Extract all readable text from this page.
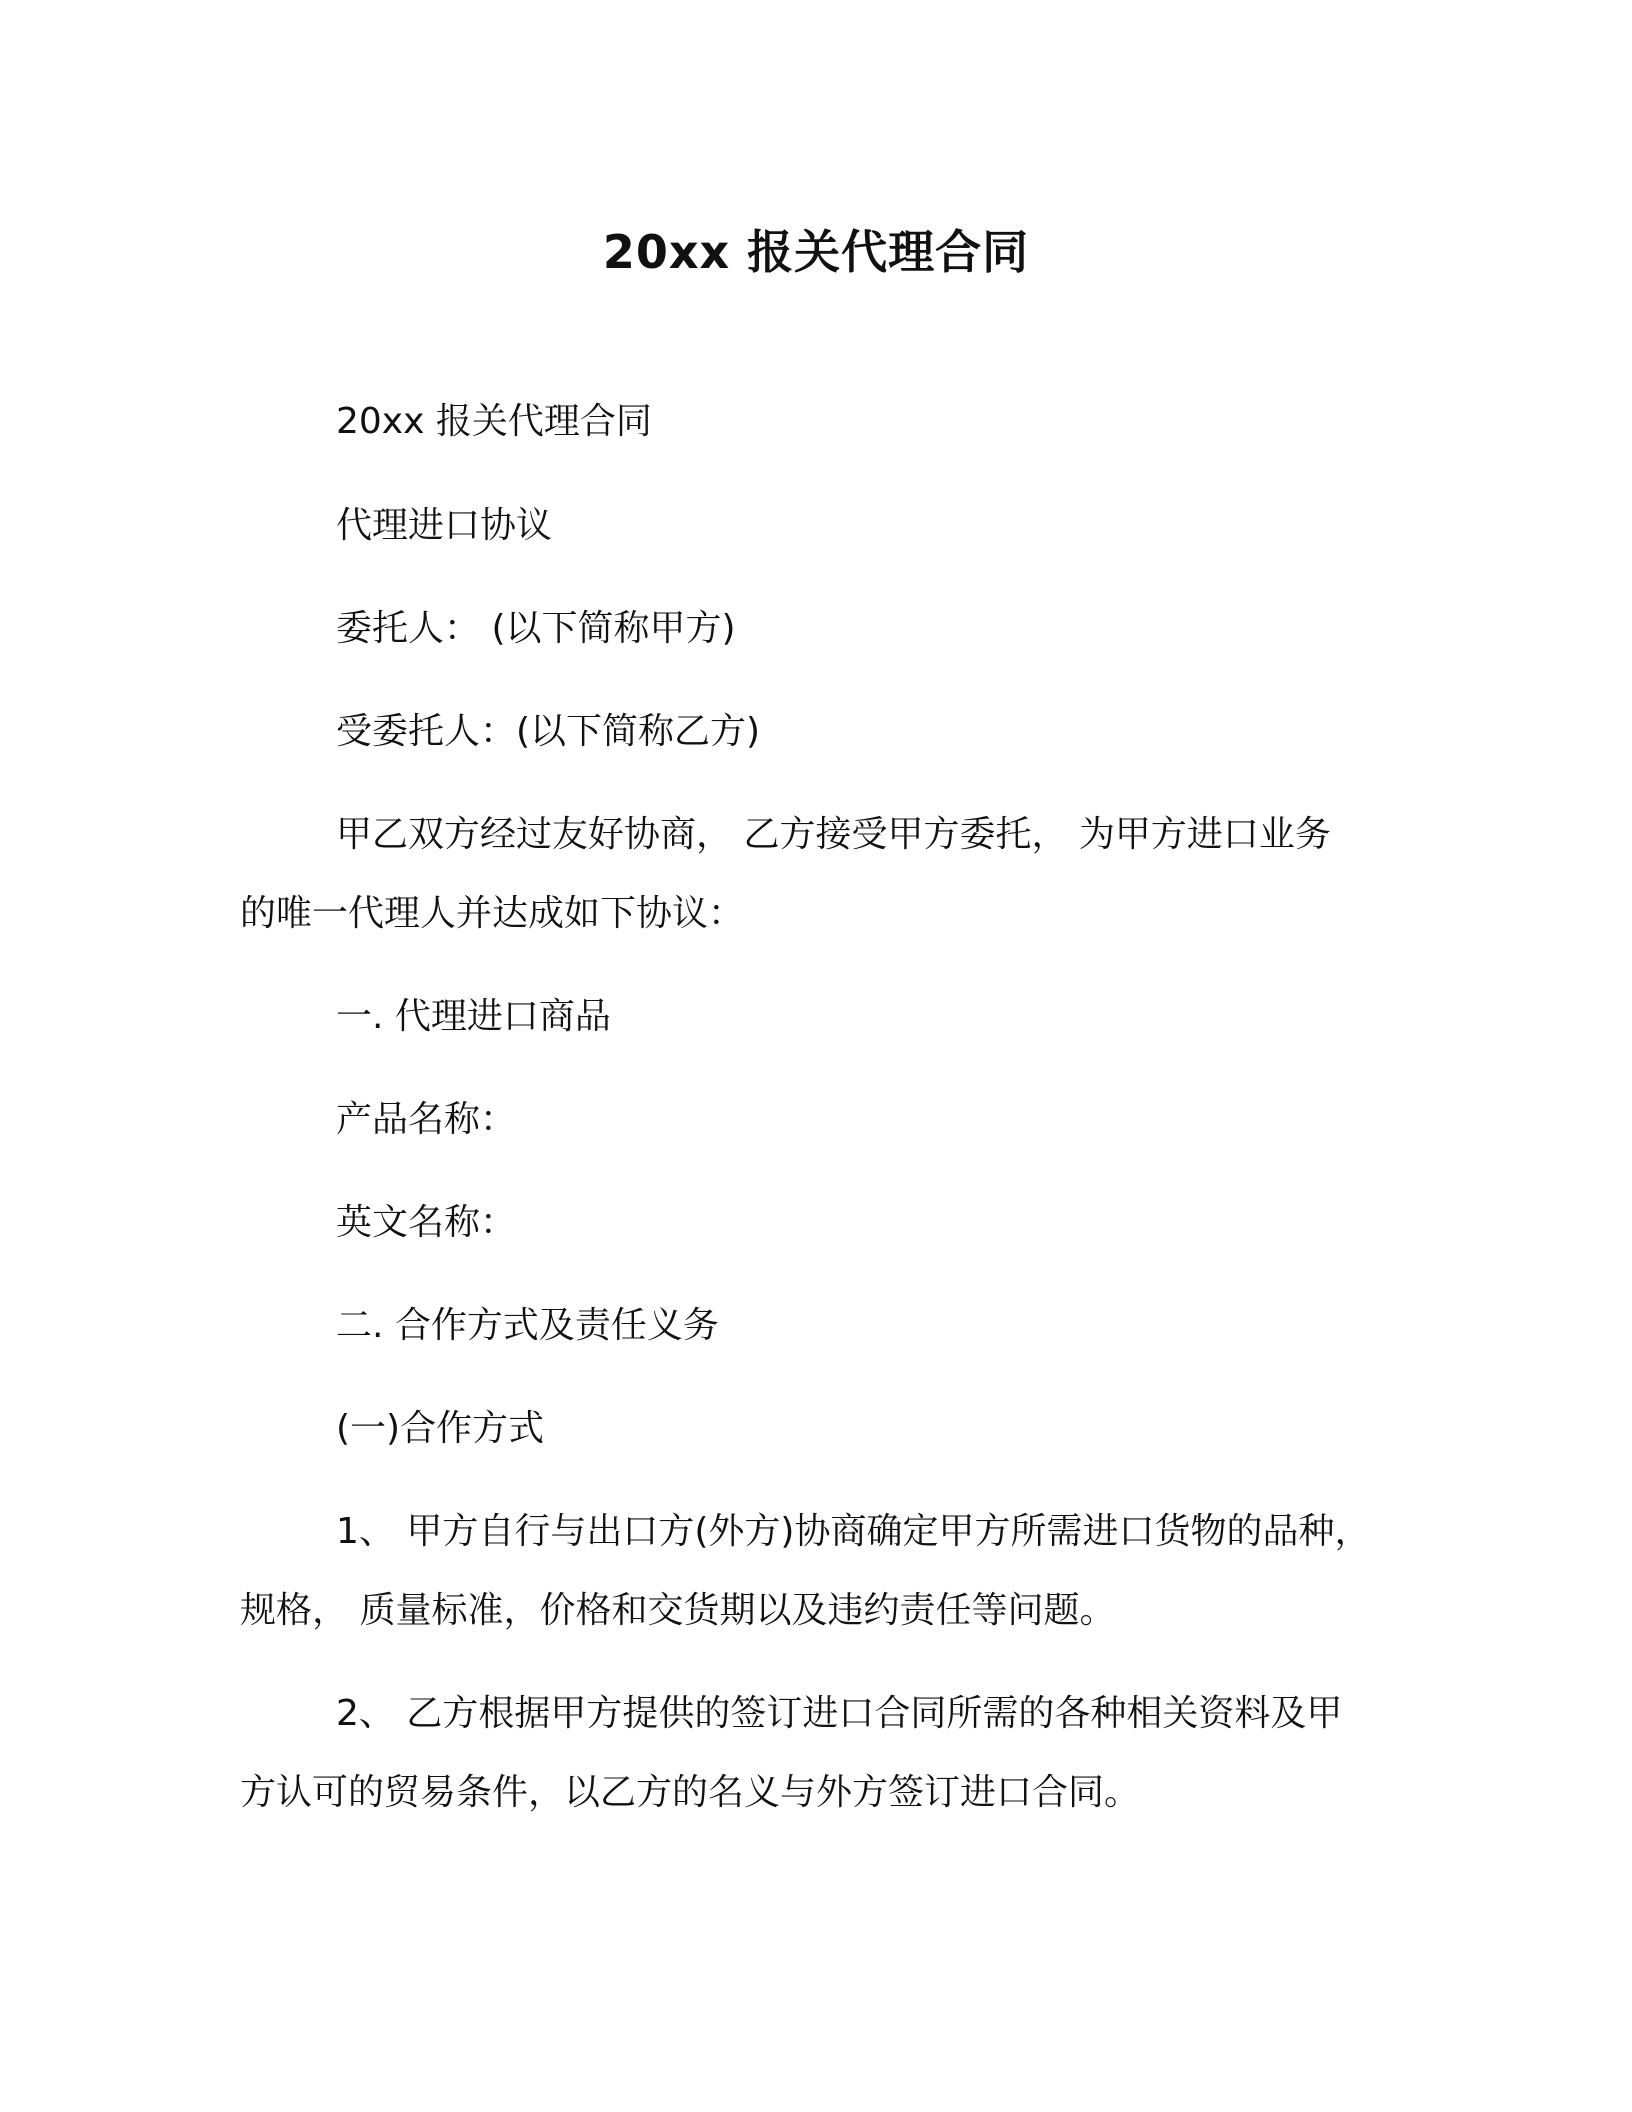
20xx 报关代理合同
20xx 报关代理合同
代理进口协议
委托人： (以下简称甲方)
受委托人：(以下简称乙方)
甲乙双方经过友好协商， 乙方接受甲方委托， 为甲方进口业务
的唯一代理人并达成如下协议：
一. 代理进口商品
产品名称：
英文名称：
二. 合作方式及责任义务
(一)合作方式
1、 甲方自行与出口方(外方)协商确定甲方所需进口货物的品种，
规格， 质量标准，价格和交货期以及违约责任等问题。
2、 乙方根据甲方提供的签订进口合同所需的各种相关资料及甲
方认可的贸易条件，以乙方的名义与外方签订进口合同。
